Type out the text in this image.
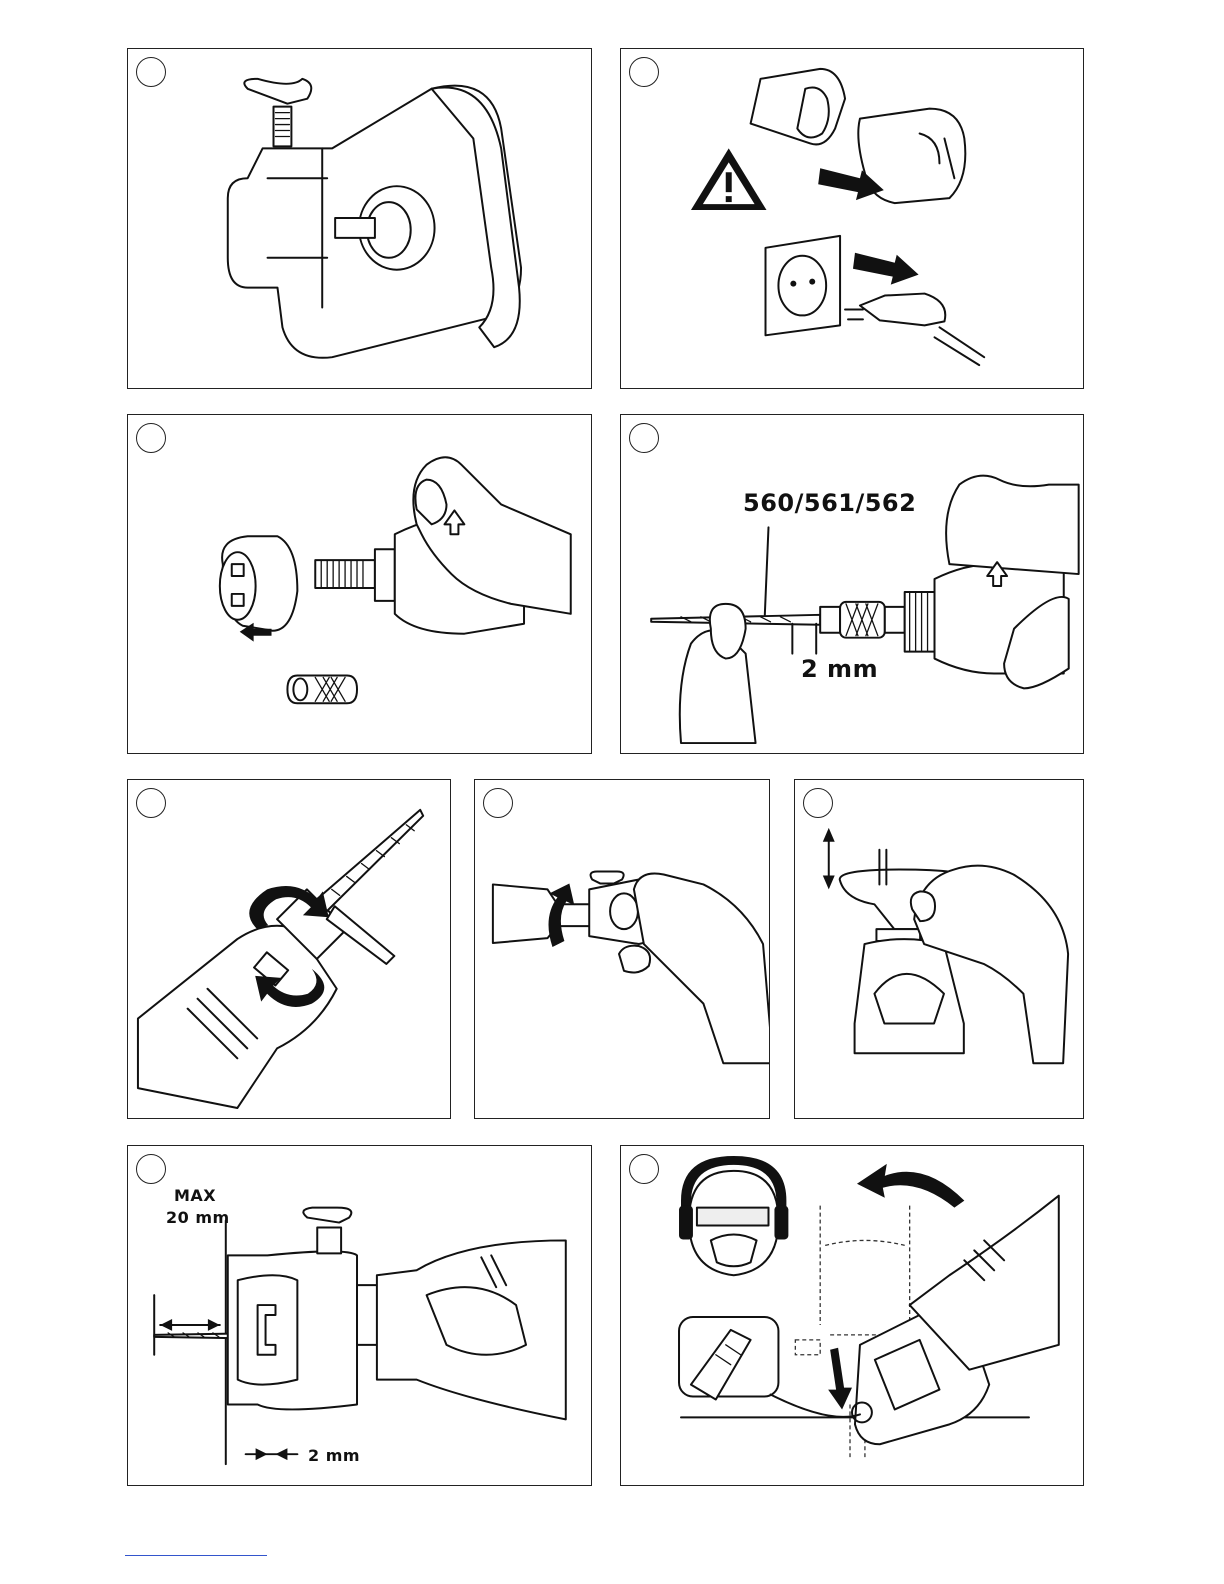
560/561/562
2 mm
MAX
20 mm
2 mm
